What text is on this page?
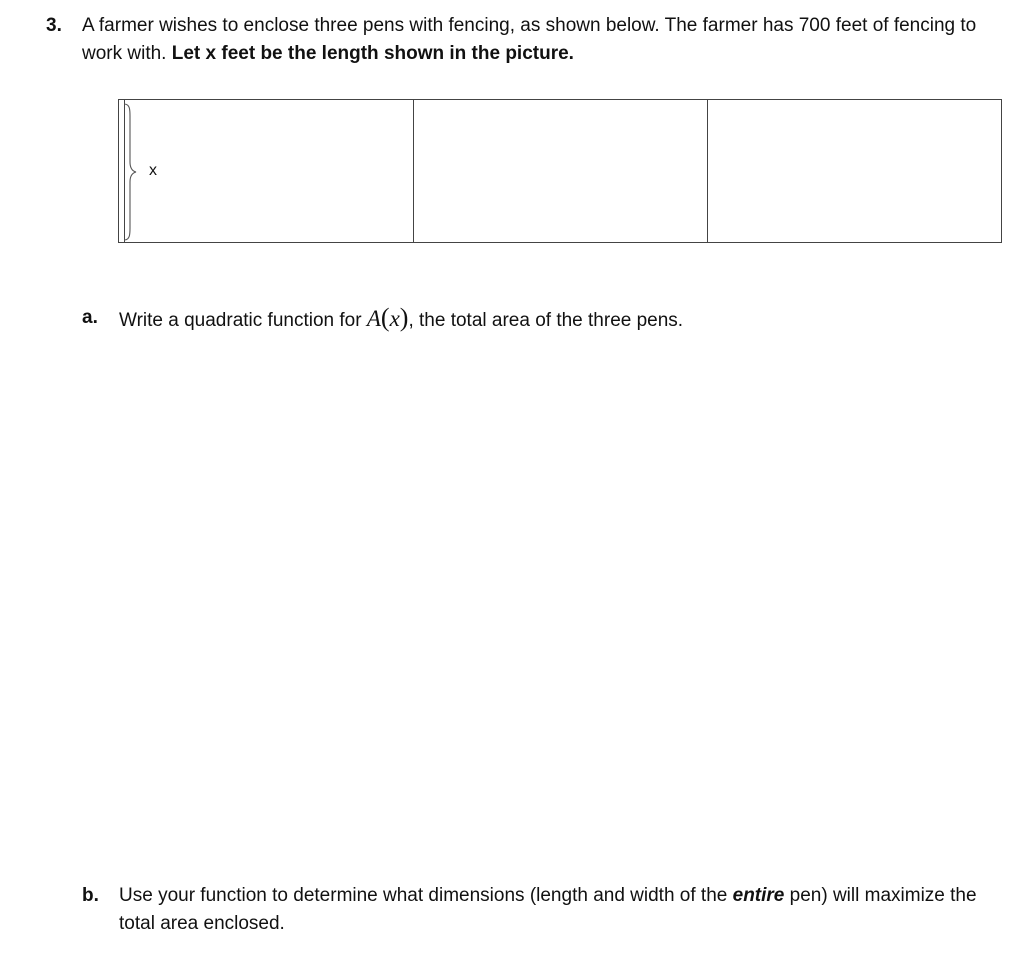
3. A farmer wishes to enclose three pens with fencing, as shown below. The farmer has 700 feet of fencing to work with. Let x feet be the length shown in the picture.
x
a. Write a quadratic function for A(x), the total area of the three pens.
b. Use your function to determine what dimensions (length and width of the entire pen) will maximize the total area enclosed.
